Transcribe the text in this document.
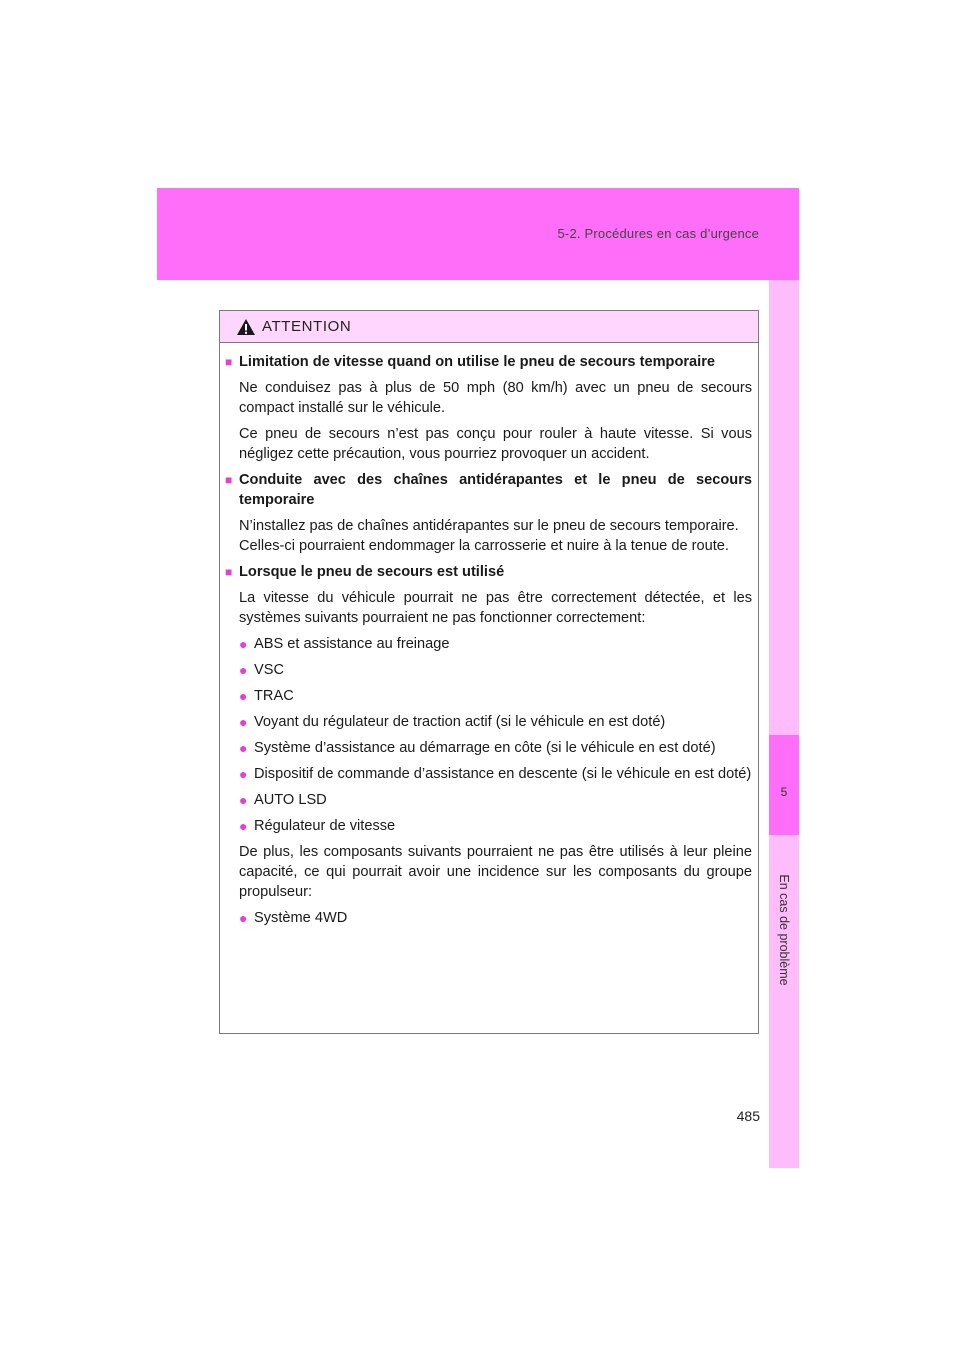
5-2. Procédures en cas d’urgence
5
En cas de problème
ATTENTION
■ Limitation de vitesse quand on utilise le pneu de secours temporaire
Ne conduisez pas à plus de 50 mph (80 km/h) avec un pneu de secours compact installé sur le véhicule.
Ce pneu de secours n’est pas conçu pour rouler à haute vitesse. Si vous négligez cette précaution, vous pourriez provoquer un accident.
■ Conduite avec des chaînes antidérapantes et le pneu de secours temporaire
N’installez pas de chaînes antidérapantes sur le pneu de secours temporaire.
Celles-ci pourraient endommager la carrosserie et nuire à la tenue de route.
■ Lorsque le pneu de secours est utilisé
La vitesse du véhicule pourrait ne pas être correctement détectée, et les systèmes suivants pourraient ne pas fonctionner correctement:
● ABS et assistance au freinage
● VSC
● TRAC
● Voyant du régulateur de traction actif (si le véhicule en est doté)
● Système d’assistance au démarrage en côte (si le véhicule en est doté)
● Dispositif de commande d’assistance en descente (si le véhicule en est doté)
● AUTO LSD
● Régulateur de vitesse
De plus, les composants suivants pourraient ne pas être utilisés à leur pleine capacité, ce qui pourrait avoir une incidence sur les composants du groupe propulseur:
● Système 4WD
485
